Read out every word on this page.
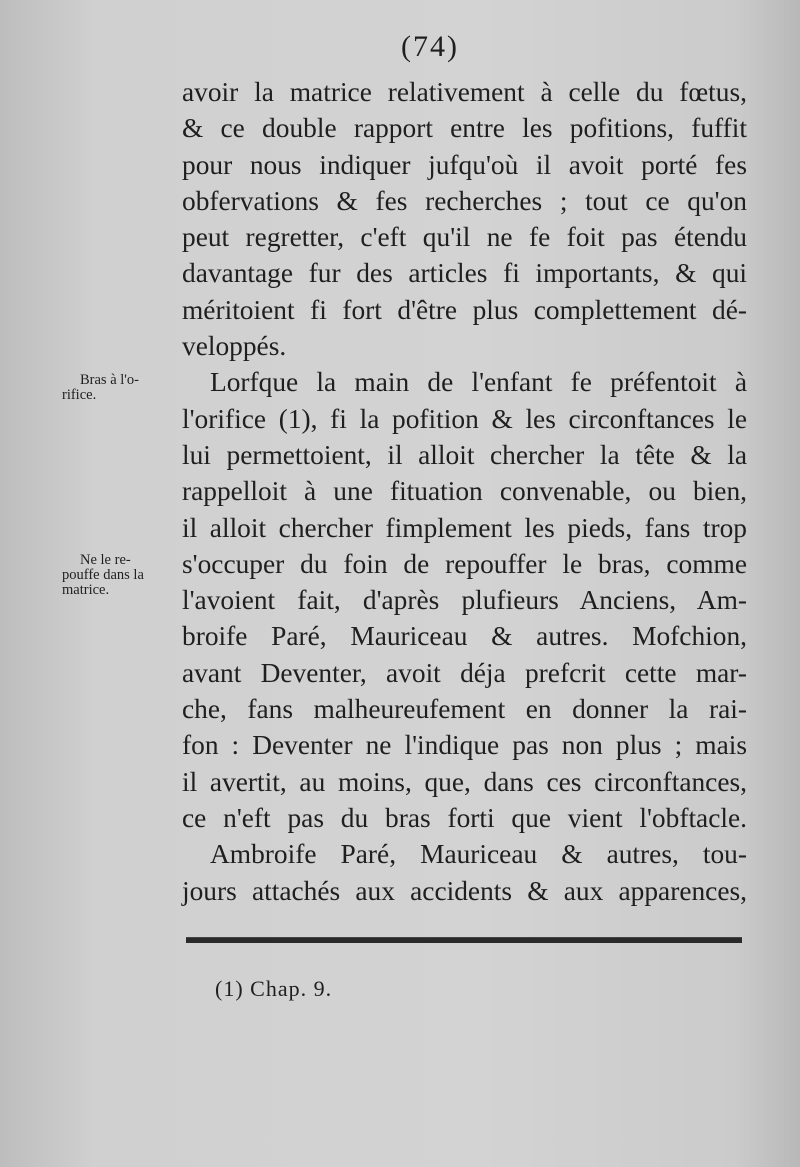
(74)
Bras à l'o-
rifice.
Ne le re-
pouffe dans la
matrice.
avoir la matrice relativement à celle du fœtus,
& ce double rapport entre les pofitions, fuffit
pour nous indiquer jufqu'où il avoit porté fes
obfervations & fes recherches ; tout ce qu'on
peut regretter, c'eft qu'il ne fe foit pas étendu
davantage fur des articles fi importants, & qui
méritoient fi fort d'être plus complettement dé-
veloppés.
Lorfque la main de l'enfant fe préfentoit à
l'orifice (1), fi la pofition & les circonftances le
lui permettoient, il alloit chercher la tête & la
rappelloit à une fituation convenable, ou bien,
il alloit chercher fimplement les pieds, fans trop
s'occuper du foin de repouffer le bras, comme
l'avoient fait, d'après plufieurs Anciens, Am-
broife Paré, Mauriceau & autres. Mofchion,
avant Deventer, avoit déja prefcrit cette mar-
che, fans malheureufement en donner la rai-
fon : Deventer ne l'indique pas non plus ; mais
il avertit, au moins, que, dans ces circonftances,
ce n'eft pas du bras forti que vient l'obftacle.
Ambroife Paré, Mauriceau & autres, tou-
jours attachés aux accidents & aux apparences,
(1) Chap. 9.
